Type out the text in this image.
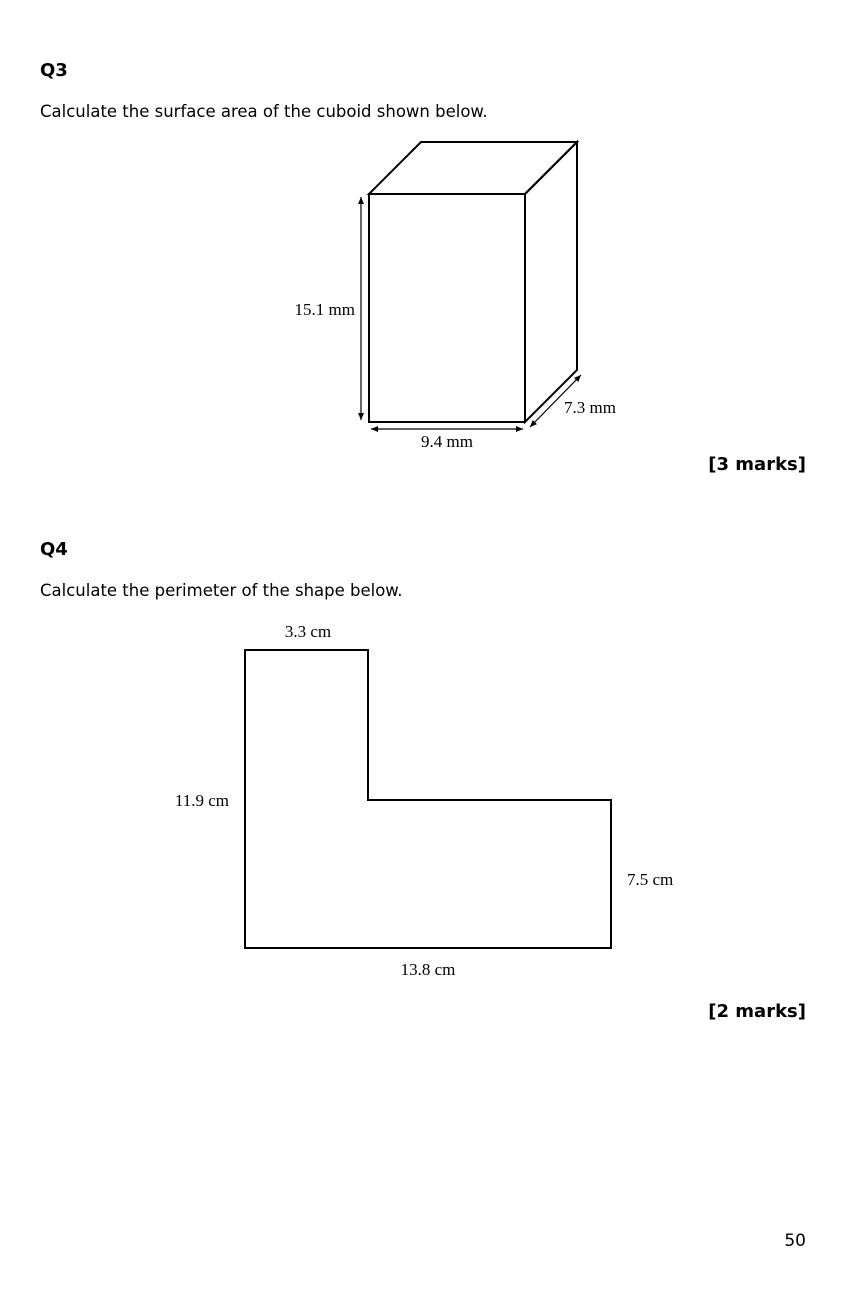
Q3

Calculate the surface area of the cuboid shown below.

15.1 mm
9.4 mm
7.3 mm

[3 marks]

Q4

Calculate the perimeter of the shape below.

3.3 cm
11.9 cm
7.5 cm
13.8 cm

[2 marks]

50
